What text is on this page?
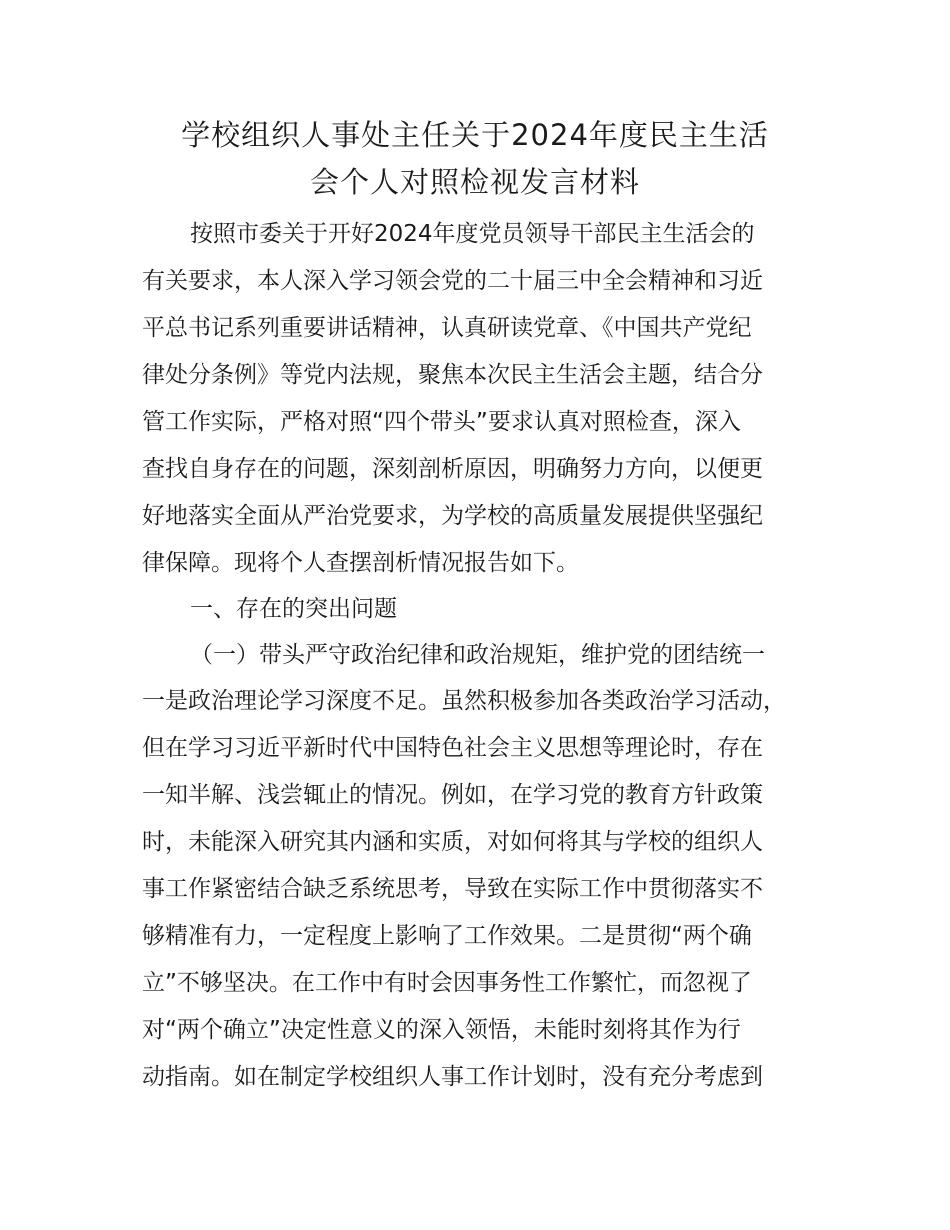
学校组织人事处主任关于2024年度民主生活
会个人对照检视发言材料

按照市委关于开好2024年度党员领导干部民主生活会的

有关要求，本人深入学习领会党的二十届三中全会精神和习近

平总书记系列重要讲话精神，认真研读党章、《中国共产党纪

律处分条例》等党内法规，聚焦本次民主生活会主题，结合分

管工作实际，严格对照“四个带头”要求认真对照检查，深入

查找自身存在的问题，深刻剖析原因，明确努力方向，以便更

好地落实全面从严治党要求，为学校的高质量发展提供坚强纪

律保障。现将个人查摆剖析情况报告如下。

一、存在的突出问题

（一）带头严守政治纪律和政治规矩，维护党的团结统一

一是政治理论学习深度不足。虽然积极参加各类政治学习活动，

但在学习习近平新时代中国特色社会主义思想等理论时，存在

一知半解、浅尝辄止的情况。例如，在学习党的教育方针政策

时，未能深入研究其内涵和实质，对如何将其与学校的组织人

事工作紧密结合缺乏系统思考，导致在实际工作中贯彻落实不

够精准有力，一定程度上影响了工作效果。二是贯彻“两个确

立”不够坚决。在工作中有时会因事务性工作繁忙，而忽视了

对“两个确立”决定性意义的深入领悟，未能时刻将其作为行

动指南。如在制定学校组织人事工作计划时，没有充分考虑到
